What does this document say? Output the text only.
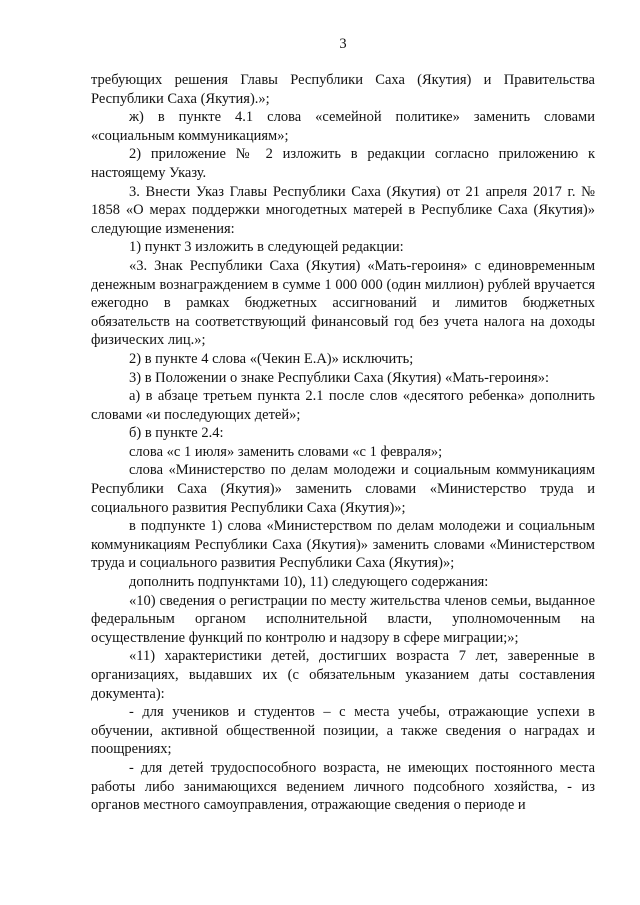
3

требующих решения Главы Республики Саха (Якутия) и Правительства Республики Саха (Якутия).»;

ж) в пункте 4.1 слова «семейной политике» заменить словами «социальным коммуникациям»;

2) приложение № 2 изложить в редакции согласно приложению к настоящему Указу.

3. Внести Указ Главы Республики Саха (Якутия) от 21 апреля 2017 г. № 1858 «О мерах поддержки многодетных матерей в Республике Саха (Якутия)» следующие изменения:

1) пункт 3 изложить в следующей редакции:

«3. Знак Республики Саха (Якутия) «Мать-героиня» с единовременным денежным вознаграждением в сумме 1 000 000 (один миллион) рублей вручается ежегодно в рамках бюджетных ассигнований и лимитов бюджетных обязательств на соответствующий финансовый год без учета налога на доходы физических лиц.»;

2) в пункте 4 слова «(Чекин Е.А)» исключить;

3) в Положении о знаке Республики Саха (Якутия) «Мать-героиня»:

а) в абзаце третьем пункта 2.1 после слов «десятого ребенка» дополнить словами «и последующих детей»;

б) в пункте 2.4:

слова «с 1 июля» заменить словами «с 1 февраля»;

слова «Министерство по делам молодежи и социальным коммуникациям Республики Саха (Якутия)» заменить словами «Министерство труда и социального развития Республики Саха (Якутия)»;

в подпункте 1) слова «Министерством по делам молодежи и социальным коммуникациям Республики Саха (Якутия)» заменить словами «Министерством труда и социального развития Республики Саха (Якутия)»;

дополнить подпунктами 10), 11) следующего содержания:

«10) сведения о регистрации по месту жительства членов семьи, выданное федеральным органом исполнительной власти, уполномоченным на осуществление функций по контролю и надзору в сфере миграции;»;

«11) характеристики детей, достигших возраста 7 лет, заверенные в организациях, выдавших их (с обязательным указанием даты составления документа):

- для учеников и студентов – с места учебы, отражающие успехи в обучении, активной общественной позиции, а также сведения о наградах и поощрениях;

- для детей трудоспособного возраста, не имеющих постоянного места работы либо занимающихся ведением личного подсобного хозяйства, - из органов местного самоуправления, отражающие сведения о периоде и
